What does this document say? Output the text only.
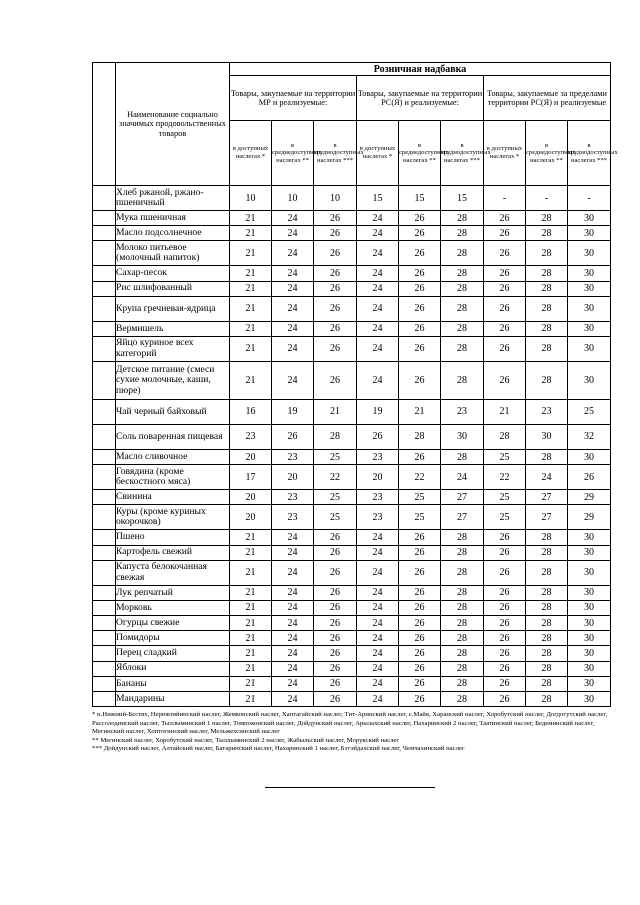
	Наименование социально значимых продовольственных товаров	Розничная надбавка								
		Товары, закупаемые на территории МР и реализуемые:			Товары, закупаемые на территории РС(Я) и реализуемые:			Товары, закупаемые за пределами территории РС(Я) и реализуемые		
		в доступных наслегах *	в среднедоступных наслегах **	в труднодоступных наслегах ***	в доступных наслегах *	в среднедоступных наслегах **	в труднодоступных наслегах ***	в доступных наслегах *	в среднедоступных наслегах **	в труднодоступных наслегах ***
	Хлеб ржаной, ржано-пшеничный	10	10	10	15	15	15	-	-	-
	Мука пшеничная	21	24	26	24	26	28	26	28	30
	Масло подсолнечное	21	24	26	24	26	28	26	28	30
	Молоко питьевое (молочный напиток)	21	24	26	24	26	28	26	28	30
	Сахар-песок	21	24	26	24	26	28	26	28	30
	Рис шлифованный	21	24	26	24	26	28	26	28	30
	Крупа гречневая-ядрица	21	24	26	24	26	28	26	28	30
	Вермишель	21	24	26	24	26	28	26	28	30
	Яйцо куриное всех категорий	21	24	26	24	26	28	26	28	30
	Детское питание (смеси сухие молочные, каши, пюре)	21	24	26	24	26	28	26	28	30
	Чай черный байховый	16	19	21	19	21	23	21	23	25
	Соль поваренная пищевая	23	26	28	26	28	30	28	30	32
	Масло сливочное	20	23	25	23	26	28	25	28	30
	Говядина (кроме бескостного мяса)	17	20	22	20	22	24	22	24	26
	Свинина	20	23	25	23	25	27	25	27	29
	Куры (кроме куриных окорочков)	20	23	25	23	25	27	25	27	29
	Пшено	21	24	26	24	26	28	26	28	30
	Картофель свежий	21	24	26	24	26	28	26	28	30
	Капуста белокочанная свежая	21	24	26	24	26	28	26	28	30
	Лук репчатый	21	24	26	24	26	28	26	28	30
	Морковь	21	24	26	24	26	28	26	28	30
	Огурцы свежие	21	24	26	24	26	28	26	28	30
	Помидоры	21	24	26	24	26	28	26	28	30
	Перец сладкий	21	24	26	24	26	28	26	28	30
	Яблоки	21	24	26	24	26	28	26	28	30
	Бананы	21	24	26	24	26	28	26	28	30
	Мандарины	21	24	26	24	26	28	26	28	30

* п.Нижний-Бестях, Нерюктяйинский наслег, Жемконский наслег, Хаптагайский наслег, Тит-Аринский наслег, с.Майя, Харанский наслег, Хоробутский наслег, Догдогутский наслег, Рассолодинский наслег, Тыллыминский 1 наслег, Томпоконский наслег, Дойдунский наслег, Арылахский наслег, Нахаринский 2 наслег, Таатинский наслег, Бедеминский наслег, Мегинский наслег, Хоптогинский наслег, Мельжехсинский наслег

** Мегинский наслег, Хоробутский наслег, Тыллыминский 2 наслег, Жабыльский наслег, Морукский наслег

*** Дойдунский наслег, Алтайский наслег, Батаринский наслег, Нахаринский 1 наслег, Бэтэйдахский наслег, Чемчахинский наслег
